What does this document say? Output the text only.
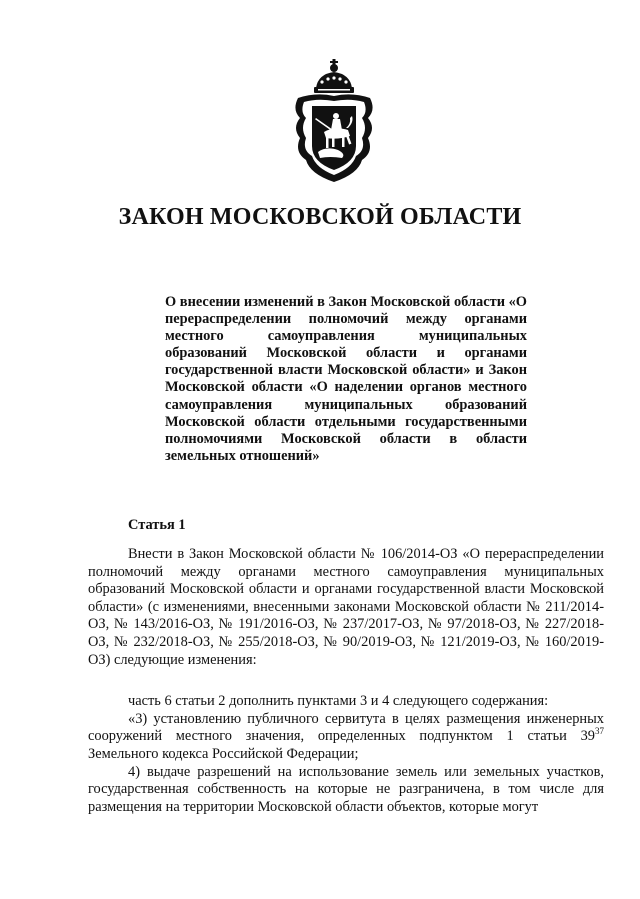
ЗАКОН МОСКОВСКОЙ ОБЛАСТИ

О внесении изменений в Закон Московской области «О перераспределении полномочий между органами местного самоуправления муниципальных образований Московской области и органами государственной власти Московской области» и Закон Московской области «О наделении органов местного самоуправления муниципальных образований Московской области отдельными государственными полномочиями Московской области в области земельных отношений»

Статья 1

Внести в Закон Московской области № 106/2014-ОЗ «О перераспределении полномочий между органами местного самоуправления муниципальных образований Московской области и органами государственной власти Московской области» (с изменениями, внесенными законами Московской области № 211/2014-ОЗ, № 143/2016-ОЗ, № 191/2016-ОЗ, № 237/2017-ОЗ, № 97/2018-ОЗ, № 227/2018-ОЗ, № 232/2018-ОЗ, № 255/2018-ОЗ, № 90/2019-ОЗ, № 121/2019-ОЗ, № 160/2019-ОЗ) следующие изменения:

часть 6 статьи 2 дополнить пунктами 3 и 4 следующего содержания:

«3) установлению публичного сервитута в целях размещения инженерных сооружений местного значения, определенных подпунктом 1 статьи $39^{37}$ Земельного кодекса Российской Федерации;

4) выдаче разрешений на использование земель или земельных участков, государственная собственность на которые не разграничена, в том числе для размещения на территории Московской области объектов, которые могут
